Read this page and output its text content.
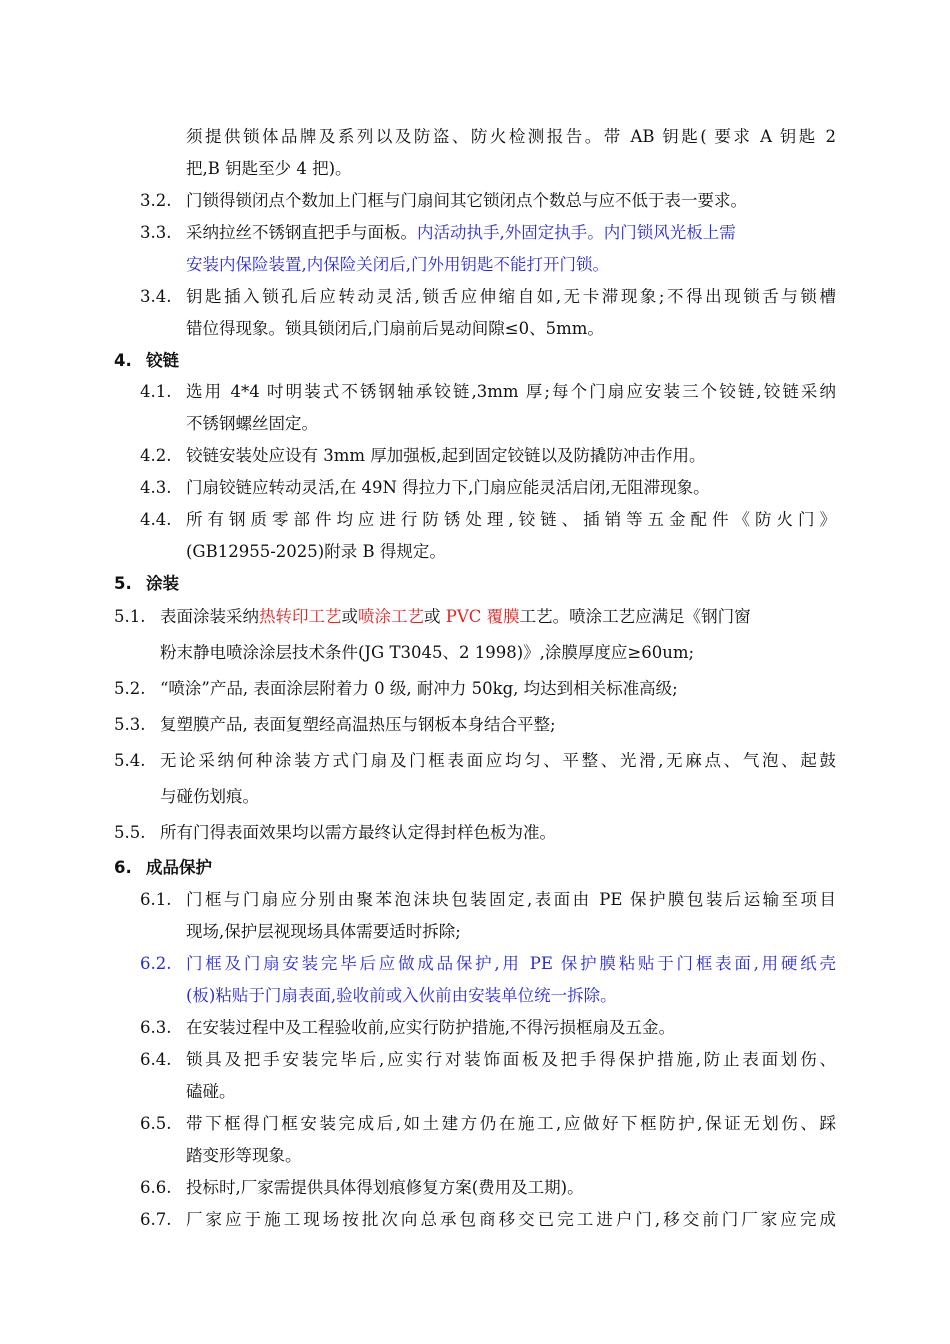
须提供锁体品牌及系列以及防盗、防火检测报告。带 AB 钥匙( 要求 A 钥匙 2
把,B 钥匙至少 4 把)。
3.2. 门锁得锁闭点个数加上门框与门扇间其它锁闭点个数总与应不低于表一要求。
3.3. 采纳拉丝不锈钢直把手与面板。内活动执手,外固定执手。内门锁风光板上需
安装内保险装置,内保险关闭后,门外用钥匙不能打开门锁。
3.4. 钥匙插入锁孔后应转动灵活,锁舌应伸缩自如,无卡滞现象;不得出现锁舌与锁槽
错位得现象。锁具锁闭后,门扇前后晃动间隙≤0、5mm。
4. 铰链
4.1. 选用 4*4 吋明装式不锈钢轴承铰链,3mm 厚;每个门扇应安装三个铰链,铰链采纳
不锈钢螺丝固定。
4.2. 铰链安装处应设有 3mm 厚加强板,起到固定铰链以及防撬防冲击作用。
4.3. 门扇铰链应转动灵活,在 49N 得拉力下,门扇应能灵活启闭,无阻滞现象。
4.4. 所有钢质零部件均应进行防锈处理,铰链、插销等五金配件《防火门》
(GB12955-2025)附录 B 得规定。
5. 涂装
5.1. 表面涂装采纳热转印工艺或喷涂工艺或 PVC 覆膜工艺。喷涂工艺应满足《钢门窗
粉末静电喷涂涂层技术条件(JG T3045、2 1998)》,涂膜厚度应≥60um;
5.2. “喷涂”产品, 表面涂层附着力 0 级, 耐冲力 50kg, 均达到相关标准高级;
5.3. 复塑膜产品, 表面复塑经高温热压与钢板本身结合平整;
5.4. 无论采纳何种涂装方式门扇及门框表面应均匀、平整、光滑,无麻点、气泡、起鼓
与碰伤划痕。
5.5. 所有门得表面效果均以需方最终认定得封样色板为准。
6. 成品保护
6.1. 门框与门扇应分别由聚苯泡沫块包装固定,表面由 PE 保护膜包装后运输至项目
现场,保护层视现场具体需要适时拆除;
6.2. 门框及门扇安装完毕后应做成品保护,用 PE 保护膜粘贴于门框表面,用硬纸壳
(板)粘贴于门扇表面,验收前或入伙前由安装单位统一拆除。
6.3. 在安装过程中及工程验收前,应实行防护措施,不得污损框扇及五金。
6.4. 锁具及把手安装完毕后,应实行对装饰面板及把手得保护措施,防止表面划伤、
磕碰。
6.5. 带下框得门框安装完成后,如土建方仍在施工,应做好下框防护,保证无划伤、踩
踏变形等现象。
6.6. 投标时,厂家需提供具体得划痕修复方案(费用及工期)。
6.7. 厂家应于施工现场按批次向总承包商移交已完工进户门,移交前门厂家应完成
